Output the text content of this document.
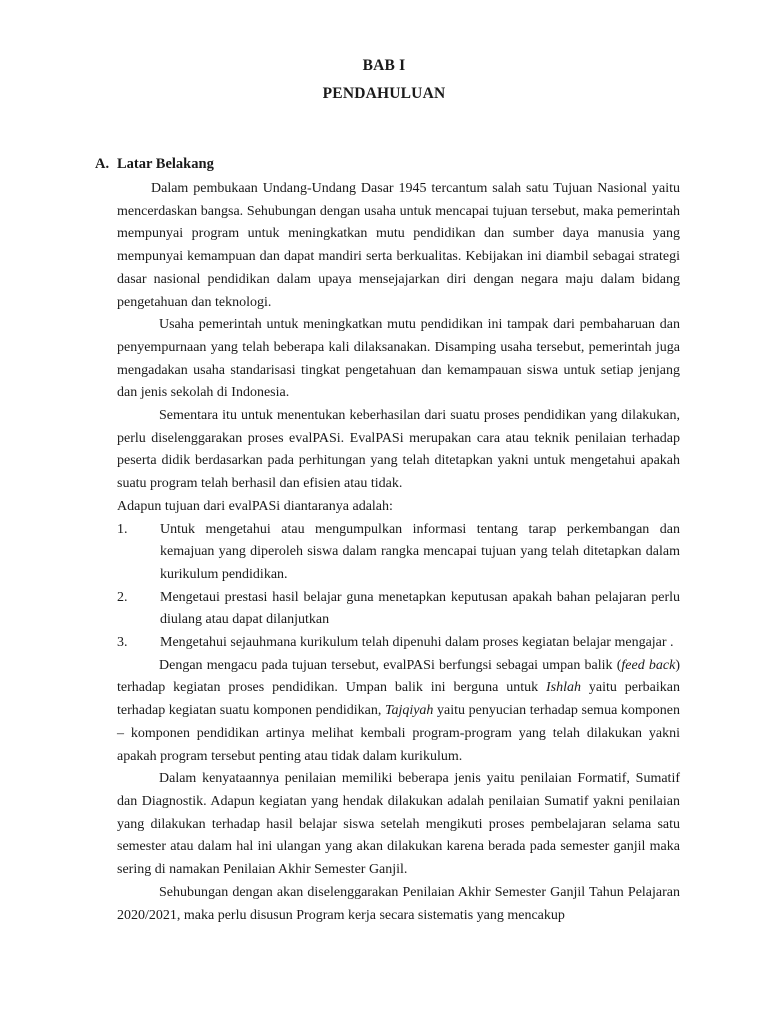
BAB I
PENDAHULUAN
A. Latar Belakang

Dalam pembukaan Undang-Undang Dasar 1945 tercantum salah satu Tujuan Nasional yaitu mencerdaskan bangsa. Sehubungan dengan usaha untuk mencapai tujuan tersebut, maka pemerintah mempunyai program untuk meningkatkan mutu pendidikan dan sumber daya manusia yang mempunyai kemampuan dan dapat mandiri serta berkualitas. Kebijakan ini diambil sebagai strategi dasar nasional pendidikan dalam upaya mensejajarkan diri dengan negara maju dalam bidang pengetahuan dan teknologi.

Usaha pemerintah untuk meningkatkan mutu pendidikan ini tampak dari pembaharuan dan penyempurnaan yang telah beberapa kali dilaksanakan. Disamping usaha tersebut, pemerintah juga mengadakan usaha standarisasi tingkat pengetahuan dan kemampauan siswa untuk setiap jenjang dan jenis sekolah di Indonesia.

Sementara itu untuk menentukan keberhasilan dari suatu proses pendidikan yang dilakukan, perlu diselenggarakan proses evalPASi. EvalPASi merupakan cara atau teknik penilaian terhadap peserta didik berdasarkan pada perhitungan yang telah ditetapkan yakni untuk mengetahui apakah suatu program telah berhasil dan efisien atau tidak.

Adapun tujuan dari evalPASi diantaranya adalah:

1. Untuk mengetahui atau mengumpulkan informasi tentang tarap perkembangan dan kemajuan yang diperoleh siswa dalam rangka mencapai tujuan yang telah ditetapkan dalam kurikulum pendidikan.
2. Mengetaui prestasi hasil belajar guna menetapkan keputusan apakah bahan pelajaran perlu diulang atau dapat dilanjutkan
3. Mengetahui sejauhmana kurikulum telah dipenuhi dalam proses kegiatan belajar mengajar .

Dengan mengacu pada tujuan tersebut, evalPASi berfungsi sebagai umpan balik (feed back) terhadap kegiatan proses pendidikan. Umpan balik ini berguna untuk Ishlah yaitu perbaikan terhadap kegiatan suatu komponen pendidikan, Tajqiyah yaitu penyucian terhadap semua komponen – komponen pendidikan artinya melihat kembali program-program yang telah dilakukan yakni apakah program tersebut penting atau tidak dalam kurikulum.

Dalam kenyataannya penilaian memiliki beberapa jenis yaitu penilaian Formatif, Sumatif dan Diagnostik. Adapun kegiatan yang hendak dilakukan adalah penilaian Sumatif yakni penilaian yang dilakukan terhadap hasil belajar siswa setelah mengikuti proses pembelajaran selama satu semester atau dalam hal ini ulangan yang akan dilakukan karena berada pada semester ganjil maka sering di namakan Penilaian Akhir Semester Ganjil.

Sehubungan dengan akan diselenggarakan Penilaian Akhir Semester Ganjil Tahun Pelajaran 2020/2021, maka perlu disusun Program kerja secara sistematis yang mencakup
